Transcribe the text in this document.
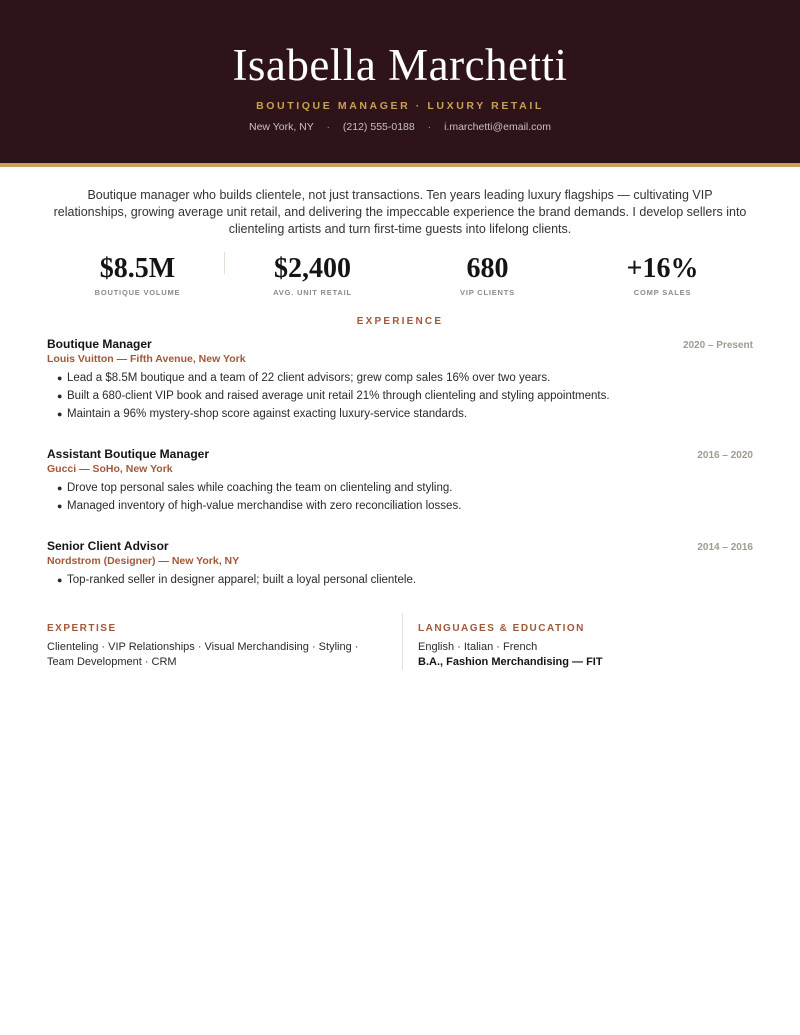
Isabella Marchetti
BOUTIQUE MANAGER · LUXURY RETAIL
New York, NY · (212) 555-0188 · i.marchetti@email.com
Boutique manager who builds clientele, not just transactions. Ten years leading luxury flagships — cultivating VIP relationships, growing average unit retail, and delivering the impeccable experience the brand demands. I develop sellers into clienteling artists and turn first-time guests into lifelong clients.
$8.5M
BOUTIQUE VOLUME
$2,400
AVG. UNIT RETAIL
680
VIP CLIENTS
+16%
COMP SALES
EXPERIENCE
Boutique Manager	2020 – Present
Louis Vuitton — Fifth Avenue, New York
● Lead a $8.5M boutique and a team of 22 client advisors; grew comp sales 16% over two years.
● Built a 680-client VIP book and raised average unit retail 21% through clienteling and styling appointments.
● Maintain a 96% mystery-shop score against exacting luxury-service standards.
Assistant Boutique Manager	2016 – 2020
Gucci — SoHo, New York
● Drove top personal sales while coaching the team on clienteling and styling.
● Managed inventory of high-value merchandise with zero reconciliation losses.
Senior Client Advisor	2014 – 2016
Nordstrom (Designer) — New York, NY
● Top-ranked seller in designer apparel; built a loyal personal clientele.
EXPERTISE
Clienteling · VIP Relationships · Visual Merchandising · Styling · Team Development · CRM
LANGUAGES & EDUCATION
English · Italian · French
B.A., Fashion Merchandising — FIT
